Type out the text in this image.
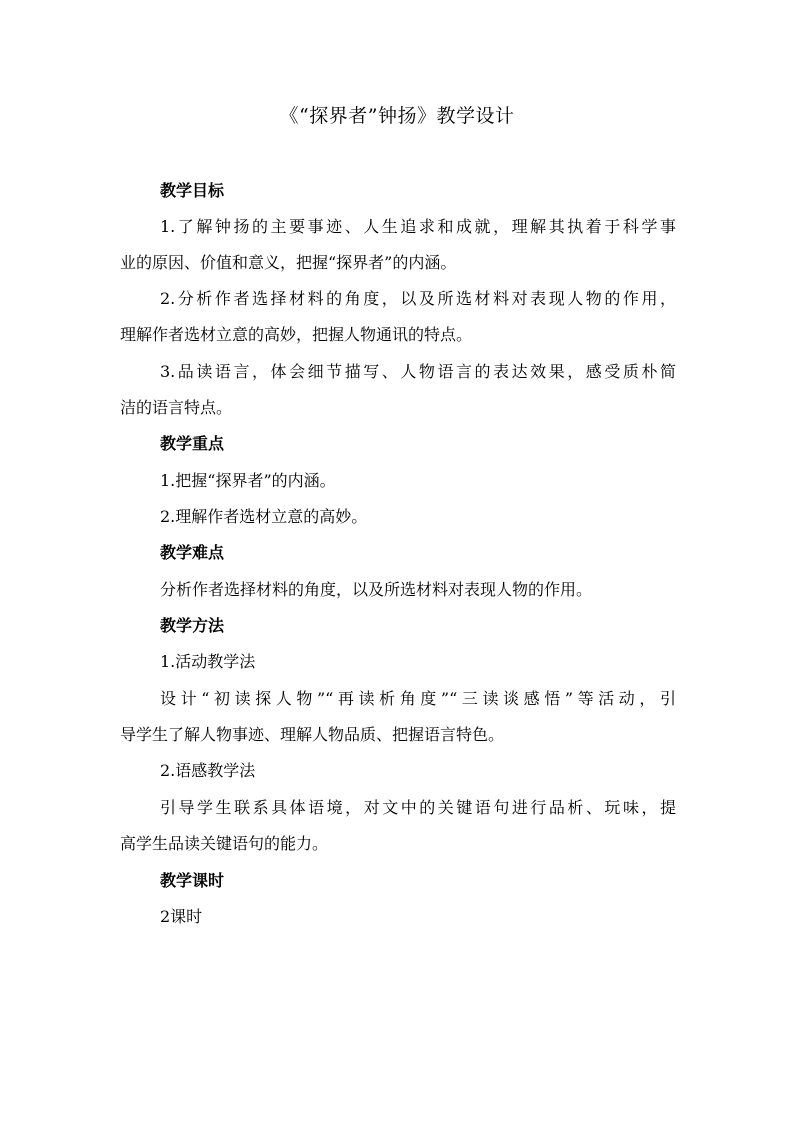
《“探界者”钟扬》教学设计
教学目标
1.了解钟扬的主要事迹、人生追求和成就，理解其执着于科学事
业的原因、价值和意义，把握“探界者”的内涵。
2.分析作者选择材料的角度，以及所选材料对表现人物的作用，
理解作者选材立意的高妙，把握人物通讯的特点。
3.品读语言，体会细节描写、人物语言的表达效果，感受质朴简
洁的语言特点。
教学重点
1.把握“探界者”的内涵。
2.理解作者选材立意的高妙。
教学难点
分析作者选择材料的角度，以及所选材料对表现人物的作用。
教学方法
1.活动教学法
设计“初读探人物”“再读析角度”“三读谈感悟”等活动，引
导学生了解人物事迹、理解人物品质、把握语言特色。
2.语感教学法
引导学生联系具体语境，对文中的关键语句进行品析、玩味，提
高学生品读关键语句的能力。
教学课时
2课时
